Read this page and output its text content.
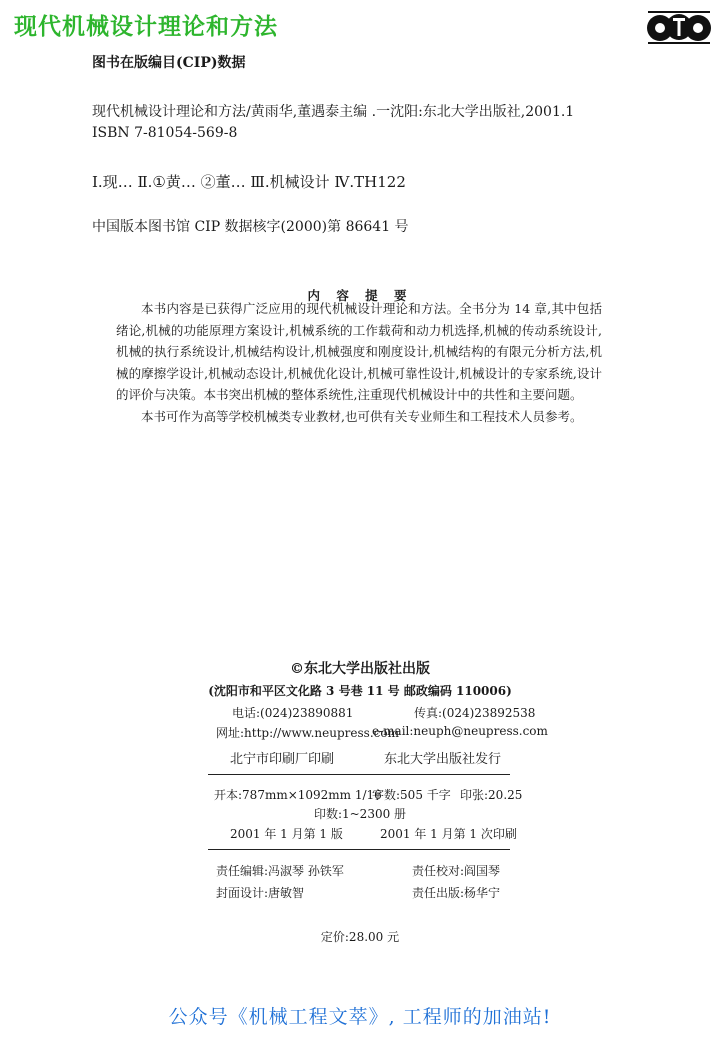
现代机械设计理论和方法
图书在版编目(CIP)数据
现代机械设计理论和方法/黄雨华,董遇泰主编 .一沈阳:东北大学出版社,2001.1
ISBN 7-81054-569-8
Ⅰ.现… Ⅱ.①黄… ②董… Ⅲ.机械设计 Ⅳ.TH122
中国版本图书馆 CIP 数据核字(2000)第 86641 号
内 容 提 要

本书内容是已获得广泛应用的现代机械设计理论和方法。全书分为 14 章,其中包括绪论,机械的功能原理方案设计,机械系统的工作载荷和动力机选择,机械的传动系统设计,机械的执行系统设计,机械结构设计,机械强度和刚度设计,机械结构的有限元分析方法,机械的摩擦学设计,机械动态设计,机械优化设计,机械可靠性设计,机械设计的专家系统,设计的评价与决策。本书突出机械的整体系统性,注重现代机械设计中的共性和主要问题。

本书可作为高等学校机械类专业教材,也可供有关专业师生和工程技术人员参考。

©东北大学出版社出版
(沈阳市和平区文化路 3 号巷 11 号 邮政编码 110006)
电话:(024)23890881	传真:(024)23892538
网址:http://www.neupress.com
e-mail:neuph@neupress.com
北宁市印刷厂印刷	东北大学出版社发行
开本:787mm×1092mm 1/16
字数:505 千字 印张:20.25
印数:1~2300 册
2001 年 1 月第 1 版	2001 年 1 月第 1 次印刷
责任编辑:冯淑琴 孙铁军	责任校对:阎国琴
封面设计:唐敏智	责任出版:杨华宁
定价:28.00 元
公众号《机械工程文萃》, 工程师的加油站!
